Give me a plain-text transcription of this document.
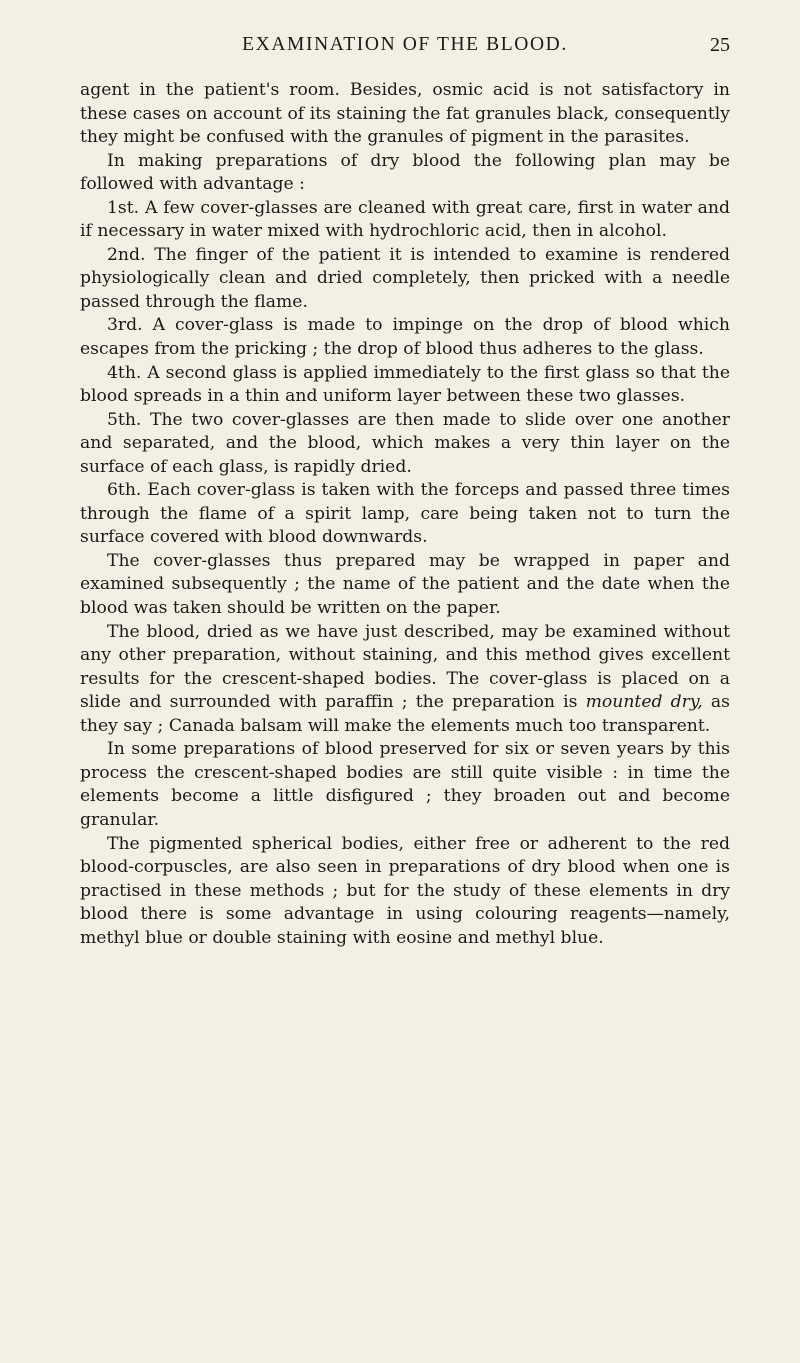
EXAMINATION OF THE BLOOD.	25

agent in the patient's room. Besides, osmic acid is not satisfactory in these cases on account of its staining the fat granules black, consequently they might be confused with the granules of pigment in the parasites.

In making preparations of dry blood the following plan may be followed with advantage :

1st. A few cover-glasses are cleaned with great care, first in water and if necessary in water mixed with hydrochloric acid, then in alcohol.

2nd. The finger of the patient it is intended to examine is rendered physiologically clean and dried completely, then pricked with a needle passed through the flame.

3rd. A cover-glass is made to impinge on the drop of blood which escapes from the pricking ; the drop of blood thus adheres to the glass.

4th. A second glass is applied immediately to the first glass so that the blood spreads in a thin and uniform layer between these two glasses.

5th. The two cover-glasses are then made to slide over one another and separated, and the blood, which makes a very thin layer on the surface of each glass, is rapidly dried.

6th. Each cover-glass is taken with the forceps and passed three times through the flame of a spirit lamp, care being taken not to turn the surface covered with blood downwards.

The cover-glasses thus prepared may be wrapped in paper and examined subsequently ; the name of the patient and the date when the blood was taken should be written on the paper.

The blood, dried as we have just described, may be examined without any other preparation, without staining, and this method gives excellent results for the crescent-shaped bodies. The cover-glass is placed on a slide and surrounded with paraffin ; the preparation is mounted dry, as they say ; Canada balsam will make the elements much too transparent.

In some preparations of blood preserved for six or seven years by this process the crescent-shaped bodies are still quite visible : in time the elements become a little disfigured ; they broaden out and become granular.

The pigmented spherical bodies, either free or adherent to the red blood-corpuscles, are also seen in preparations of dry blood when one is practised in these methods ; but for the study of these elements in dry blood there is some advantage in using colouring reagents—namely, methyl blue or double staining with eosine and methyl blue.
